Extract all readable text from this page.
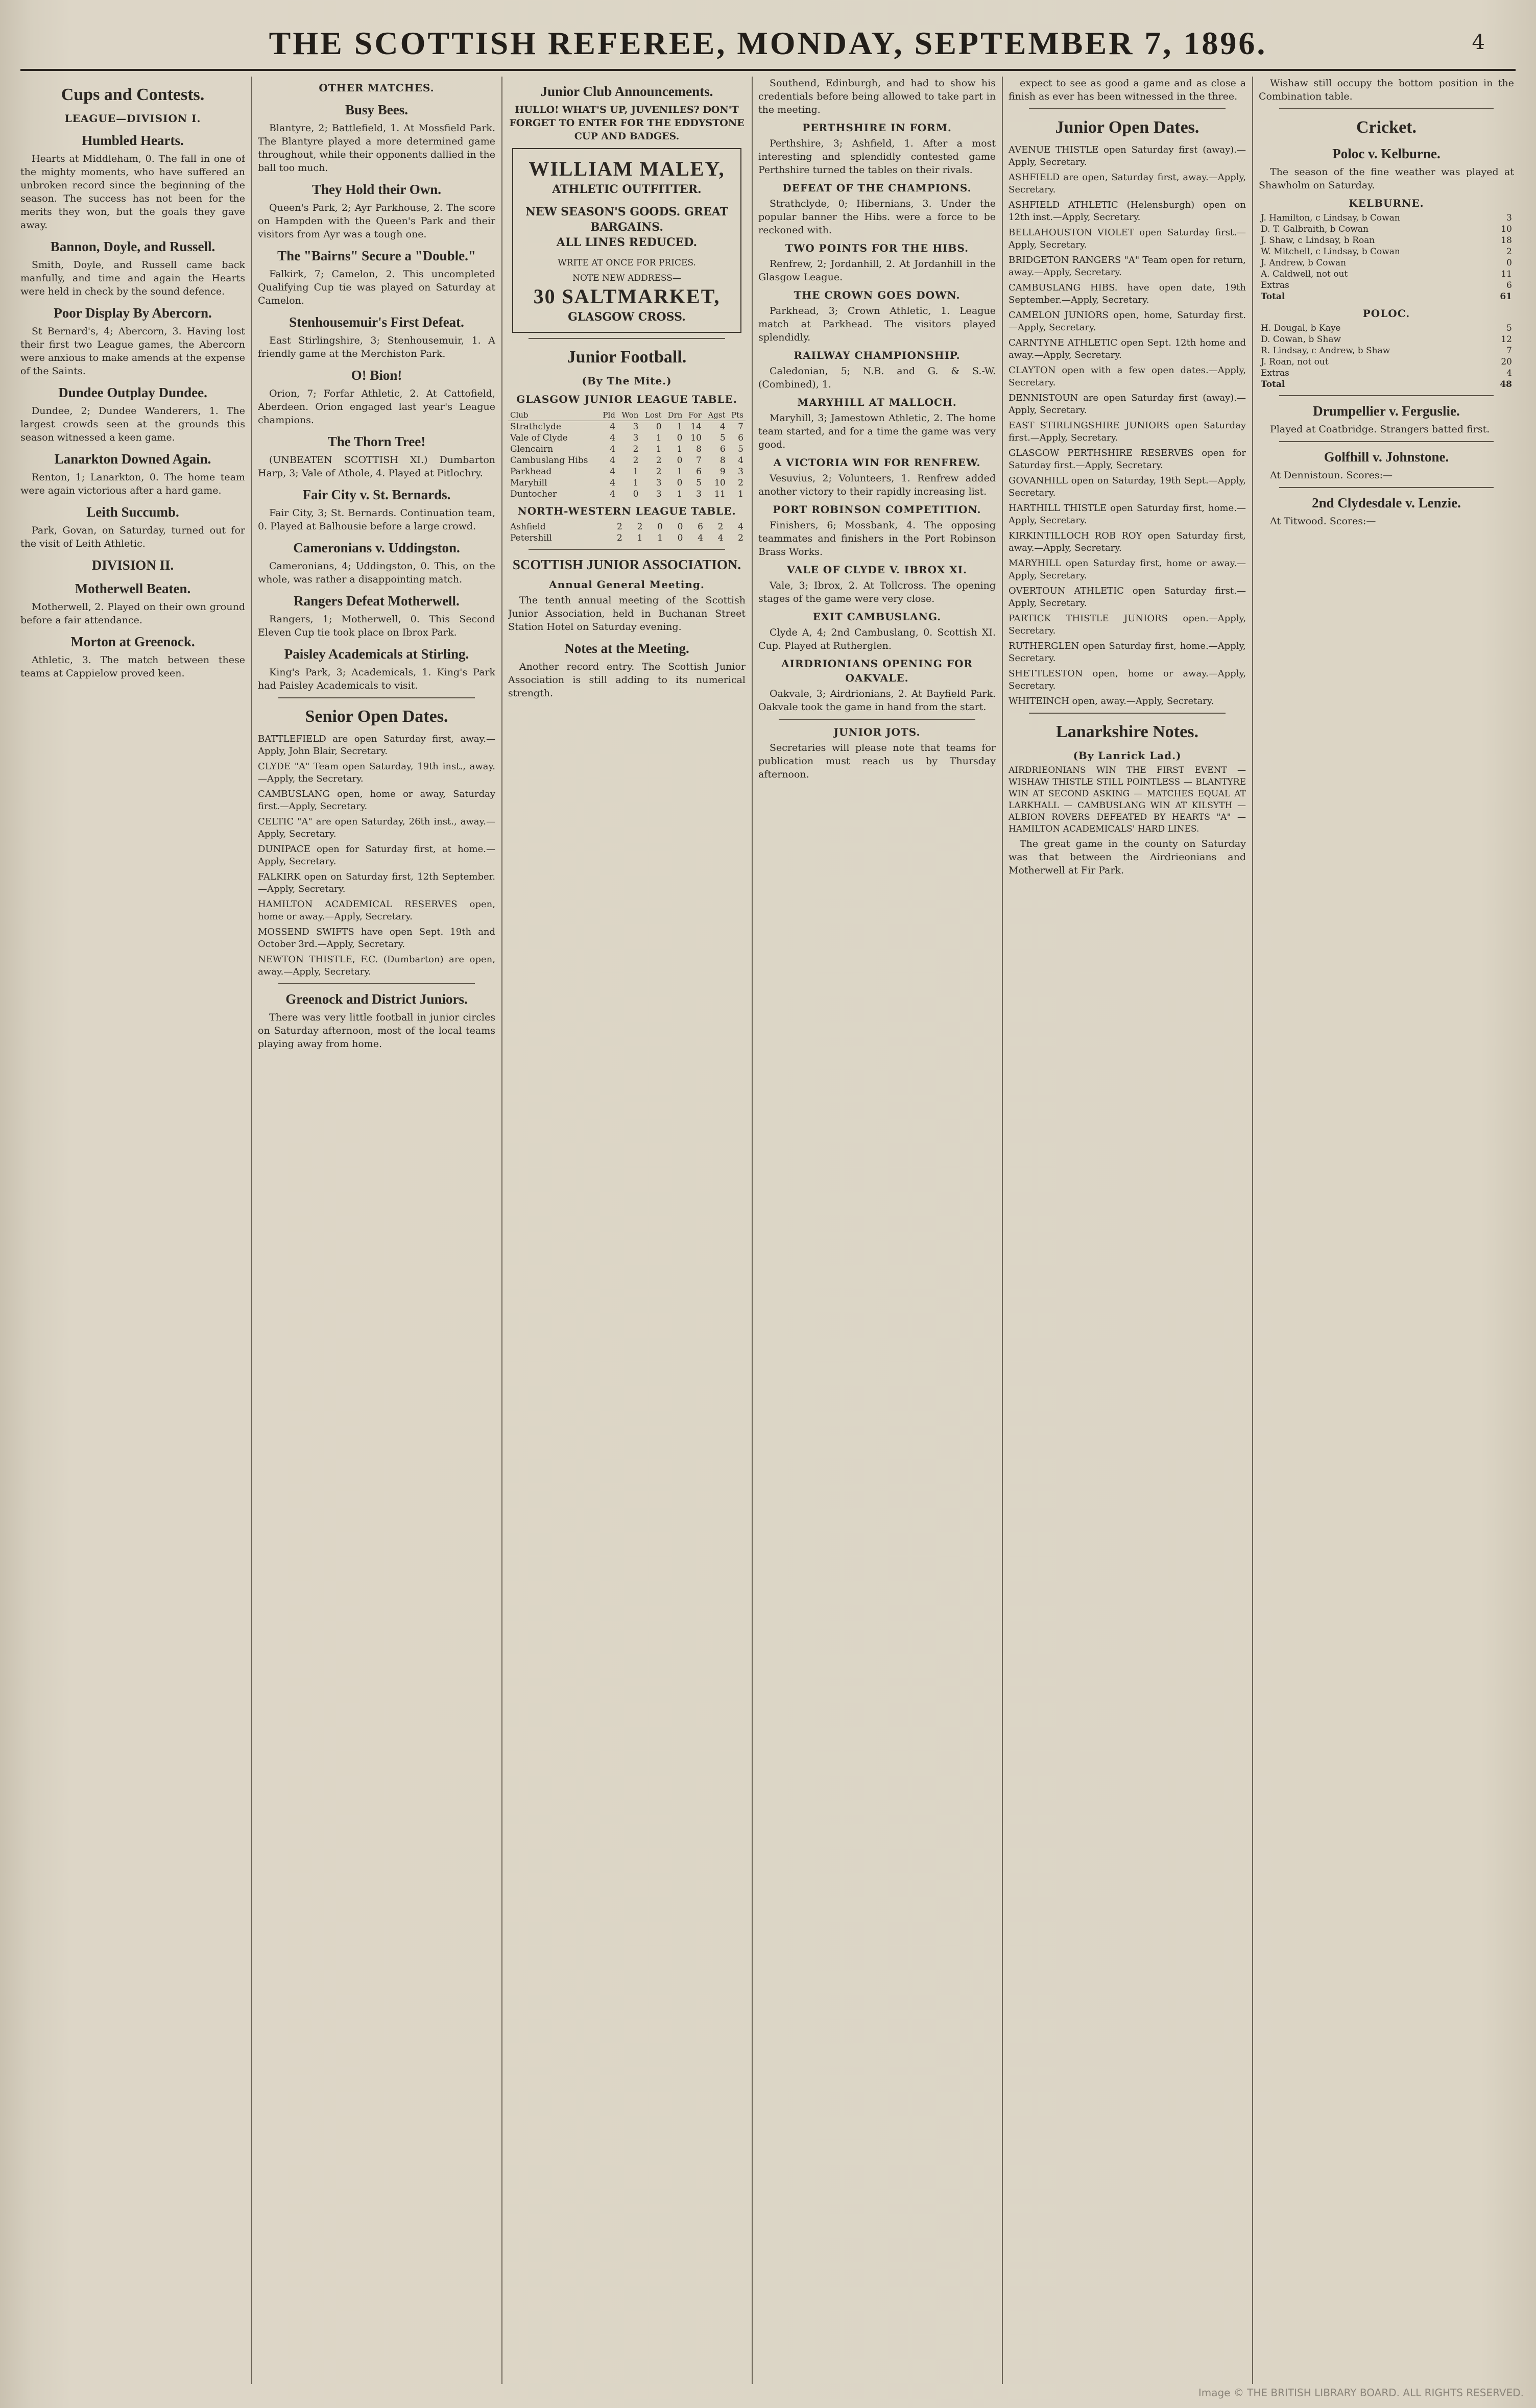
THE SCOTTISH REFEREE, MONDAY, SEPTEMBER 7, 1896.	4
Cups and Contests.
LEAGUE—DIVISION I.
Humbled Hearts.

Hearts at Middleham, 0. The fall in one of the mighty moments, who have suffered an unbroken record since the beginning of the season. The success has not been for the merits they won, but the goals they gave away.

Bannon, Doyle, and Russell.

Smith, Doyle, and Russell came back manfully, and time and again the Hearts were held in check by the sound defence.

Poor Display By Abercorn.

St Bernard's, 4; Abercorn, 3. Having lost their first two League games, the Abercorn were anxious to make amends at the expense of the Saints.

Dundee Outplay Dundee.

Dundee, 2; Dundee Wanderers, 1. The largest crowds seen at the grounds this season witnessed a keen game.

Lanarkton Downed Again.

Renton, 1; Lanarkton, 0. The home team were again victorious after a hard game.

Leith Succumb.

Park, Govan, on Saturday, turned out for the visit of Leith Athletic.

DIVISION II.
Motherwell Beaten.

Motherwell, 2. Played on their own ground before a fair attendance.

Morton at Greenock.

Athletic, 3. The match between these teams at Cappielow proved keen.

OTHER MATCHES.
Busy Bees.

Blantyre, 2; Battlefield, 1. At Mossfield Park. The Blantyre played a more determined game throughout, while their opponents dallied in the ball too much.

They Hold their Own.

Queen's Park, 2; Ayr Parkhouse, 2. The score on Hampden with the Queen's Park and their visitors from Ayr was a tough one.

The "Bairns" Secure a "Double."

Falkirk, 7; Camelon, 2. This uncompleted Qualifying Cup tie was played on Saturday at Camelon.

Stenhousemuir's First Defeat.

East Stirlingshire, 3; Stenhousemuir, 1. A friendly game at the Merchiston Park.

O! Bion!

Orion, 7; Forfar Athletic, 2. At Cattofield, Aberdeen. Orion engaged last year's League champions.

The Thorn Tree!

(UNBEATEN SCOTTISH XI.) Dumbarton Harp, 3; Vale of Athole, 4. Played at Pitlochry.

Fair City v. St. Bernards.

Fair City, 3; St. Bernards. Continuation team, 0. Played at Balhousie before a large crowd.

Cameronians v. Uddingston.

Cameronians, 4; Uddingston, 0. This, on the whole, was rather a disappointing match.

Rangers Defeat Motherwell.

Rangers, 1; Motherwell, 0. This Second Eleven Cup tie took place on Ibrox Park.

Paisley Academicals at Stirling.

King's Park, 3; Academicals, 1. King's Park had Paisley Academicals to visit.

Senior Open Dates.

BATTLEFIELD are open Saturday first, away.—Apply, John Blair, Secretary.

CLYDE "A" Team open Saturday, 19th inst., away.—Apply, the Secretary.

CAMBUSLANG open, home or away, Saturday first.—Apply, Secretary.

CELTIC "A" are open Saturday, 26th inst., away.—Apply, Secretary.

DUNIPACE open for Saturday first, at home.—Apply, Secretary.

FALKIRK open on Saturday first, 12th September.—Apply, Secretary.

HAMILTON ACADEMICAL RESERVES open, home or away.—Apply, Secretary.

MOSSEND SWIFTS have open Sept. 19th and October 3rd.—Apply, Secretary.

NEWTON THISTLE, F.C. (Dumbarton) are open, away.—Apply, Secretary.

Greenock and District Juniors.

There was very little football in junior circles on Saturday afternoon, most of the local teams playing away from home.

Junior Club Announcements.

HULLO! WHAT'S UP, JUVENILES? DON'T FORGET TO ENTER FOR THE EDDYSTONE CUP AND BADGES.

WILLIAM MALEY,
ATHLETIC OUTFITTER.
NEW SEASON'S GOODS. GREAT BARGAINS.
ALL LINES REDUCED.
WRITE AT ONCE FOR PRICES.
NOTE NEW ADDRESS—
30 SALTMARKET,
GLASGOW CROSS.
Junior Football.
(By The Mite.)
GLASGOW JUNIOR LEAGUE TABLE.
Club	Pld	Won	Lost	Drn	For	Agst	Pts
Strathclyde	4	3	0	1	14	4	7
Vale of Clyde	4	3	1	0	10	5	6
Glencairn	4	2	1	1	8	6	5
Cambuslang Hibs	4	2	2	0	7	8	4
Parkhead	4	1	2	1	6	9	3
Maryhill	4	1	3	0	5	10	2
Duntocher	4	0	3	1	3	11	1
NORTH-WESTERN LEAGUE TABLE.
Ashfield	2	2	0	0	6	2	4
Petershill	2	1	1	0	4	4	2
SCOTTISH JUNIOR ASSOCIATION.
Annual General Meeting.

The tenth annual meeting of the Scottish Junior Association, held in Buchanan Street Station Hotel on Saturday evening.

Notes at the Meeting.

Another record entry. The Scottish Junior Association is still adding to its numerical strength.

Southend, Edinburgh, and had to show his credentials before being allowed to take part in the meeting.

PERTHSHIRE IN FORM.

Perthshire, 3; Ashfield, 1. After a most interesting and splendidly contested game Perthshire turned the tables on their rivals.

DEFEAT OF THE CHAMPIONS.

Strathclyde, 0; Hibernians, 3. Under the popular banner the Hibs. were a force to be reckoned with.

TWO POINTS FOR THE HIBS.

Renfrew, 2; Jordanhill, 2. At Jordanhill in the Glasgow League.

THE CROWN GOES DOWN.

Parkhead, 3; Crown Athletic, 1. League match at Parkhead. The visitors played splendidly.

RAILWAY CHAMPIONSHIP.

Caledonian, 5; N.B. and G. & S.-W. (Combined), 1.

MARYHILL AT MALLOCH.

Maryhill, 3; Jamestown Athletic, 2. The home team started, and for a time the game was very good.

A VICTORIA WIN FOR RENFREW.

Vesuvius, 2; Volunteers, 1. Renfrew added another victory to their rapidly increasing list.

PORT ROBINSON COMPETITION.

Finishers, 6; Mossbank, 4. The opposing teammates and finishers in the Port Robinson Brass Works.

VALE OF CLYDE V. IBROX XI.

Vale, 3; Ibrox, 2. At Tollcross. The opening stages of the game were very close.

EXIT CAMBUSLANG.

Clyde A, 4; 2nd Cambuslang, 0. Scottish XI. Cup. Played at Rutherglen.

AIRDRIONIANS OPENING FOR OAKVALE.

Oakvale, 3; Airdrionians, 2. At Bayfield Park. Oakvale took the game in hand from the start.

JUNIOR JOTS.

Secretaries will please note that teams for publication must reach us by Thursday afternoon.

expect to see as good a game and as close a finish as ever has been witnessed in the three.

Junior Open Dates.

AVENUE THISTLE open Saturday first (away).—Apply, Secretary.

ASHFIELD are open, Saturday first, away.—Apply, Secretary.

ASHFIELD ATHLETIC (Helensburgh) open on 12th inst.—Apply, Secretary.

BELLAHOUSTON VIOLET open Saturday first.—Apply, Secretary.

BRIDGETON RANGERS "A" Team open for return, away.—Apply, Secretary.

CAMBUSLANG HIBS. have open date, 19th September.—Apply, Secretary.

CAMELON JUNIORS open, home, Saturday first.—Apply, Secretary.

CARNTYNE ATHLETIC open Sept. 12th home and away.—Apply, Secretary.

CLAYTON open with a few open dates.—Apply, Secretary.

DENNISTOUN are open Saturday first (away).—Apply, Secretary.

EAST STIRLINGSHIRE JUNIORS open Saturday first.—Apply, Secretary.

GLASGOW PERTHSHIRE RESERVES open for Saturday first.—Apply, Secretary.

GOVANHILL open on Saturday, 19th Sept.—Apply, Secretary.

HARTHILL THISTLE open Saturday first, home.—Apply, Secretary.

KIRKINTILLOCH ROB ROY open Saturday first, away.—Apply, Secretary.

MARYHILL open Saturday first, home or away.—Apply, Secretary.

OVERTOUN ATHLETIC open Saturday first.—Apply, Secretary.

PARTICK THISTLE JUNIORS open.—Apply, Secretary.

RUTHERGLEN open Saturday first, home.—Apply, Secretary.

SHETTLESTON open, home or away.—Apply, Secretary.

WHITEINCH open, away.—Apply, Secretary.

Lanarkshire Notes.
(By Lanrick Lad.)

AIRDRIEONIANS WIN THE FIRST EVENT — WISHAW THISTLE STILL POINTLESS — BLANTYRE WIN AT SECOND ASKING — MATCHES EQUAL AT LARKHALL — CAMBUSLANG WIN AT KILSYTH — ALBION ROVERS DEFEATED BY HEARTS "A" — HAMILTON ACADEMICALS' HARD LINES.

The great game in the county on Saturday was that between the Airdrieonians and Motherwell at Fir Park.

Wishaw still occupy the bottom position in the Combination table.

Cricket.
Poloc v. Kelburne.

The season of the fine weather was played at Shawholm on Saturday.

KELBURNE.
J. Hamilton, c Lindsay, b Cowan	3
D. T. Galbraith, b Cowan	10
J. Shaw, c Lindsay, b Roan	18
W. Mitchell, c Lindsay, b Cowan	2
J. Andrew, b Cowan	0
A. Caldwell, not out	11
Extras	6
Total	61
POLOC.
H. Dougal, b Kaye	5
D. Cowan, b Shaw	12
R. Lindsay, c Andrew, b Shaw	7
J. Roan, not out	20
Extras	4
Total	48
Drumpellier v. Ferguslie.

Played at Coatbridge. Strangers batted first.

Golfhill v. Johnstone.

At Dennistoun. Scores:—

2nd Clydesdale v. Lenzie.

At Titwood. Scores:—

Image © THE BRITISH LIBRARY BOARD. ALL RIGHTS RESERVED.
